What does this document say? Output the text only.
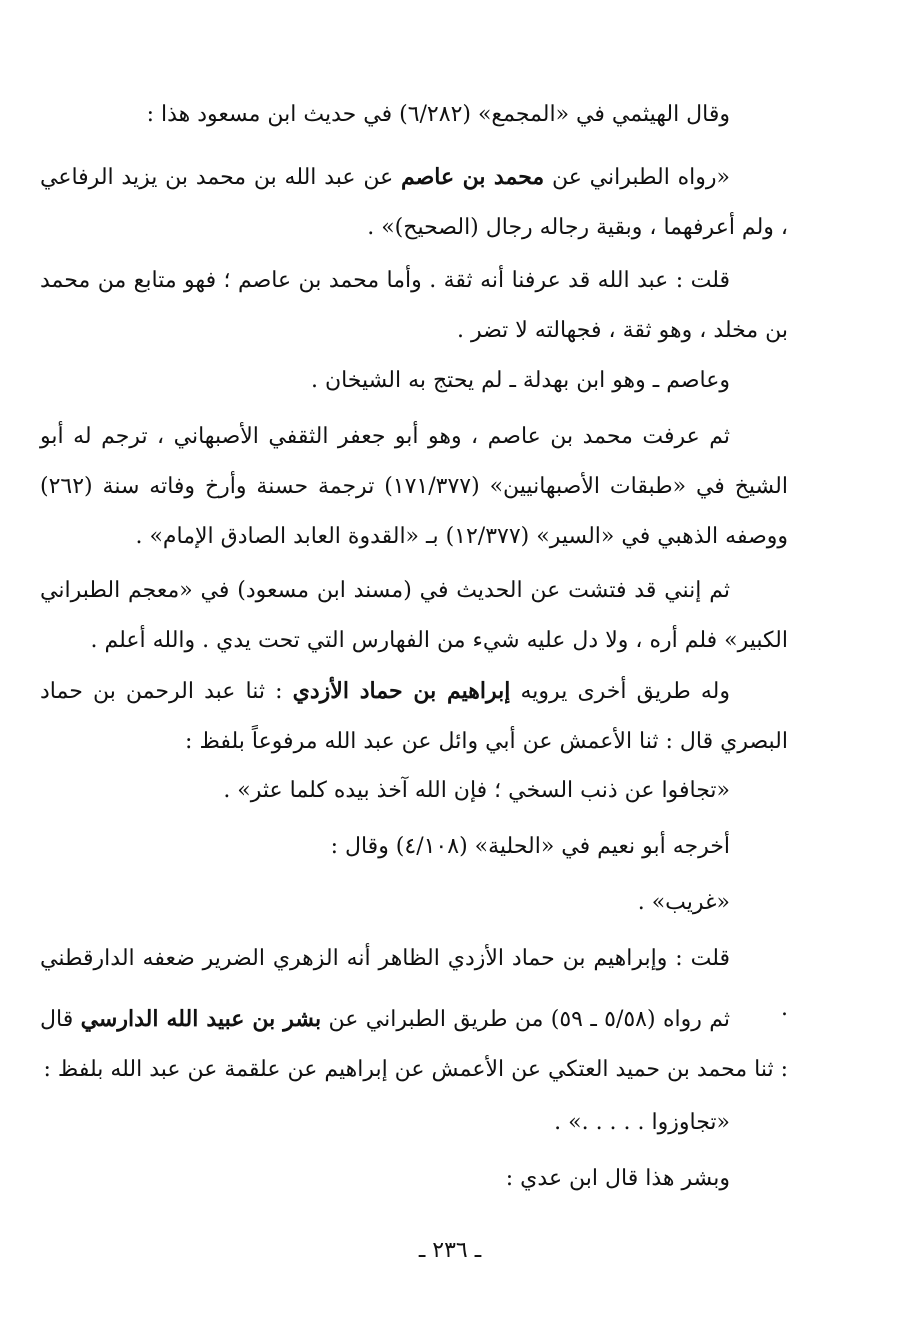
وقال الهيثمي في «المجمع» (٦/٢٨٢) في حديث ابن مسعود هذا :

«رواه الطبراني عن محمد بن عاصم عن عبد الله بن محمد بن يزيد الرفاعي ، ولم أعرفهما ، وبقية رجاله رجال (الصحيح)» .

قلت : عبد الله قد عرفنا أنه ثقة . وأما محمد بن عاصم ؛ فهو متابع من محمد بن مخلد ، وهو ثقة ، فجهالته لا تضر .

وعاصم ـ وهو ابن بهدلة ـ لم يحتج به الشيخان .

ثم عرفت محمد بن عاصم ، وهو أبو جعفر الثقفي الأصبهاني ، ترجم له أبو الشيخ في «طبقات الأصبهانيين» (١٧١/٣٧٧) ترجمة حسنة وأرخ وفاته سنة (٢٦٢) ووصفه الذهبي في «السير» (١٢/٣٧٧) بـ «القدوة العابد الصادق الإمام» .

ثم إنني قد فتشت عن الحديث في (مسند ابن مسعود) في «معجم الطبراني الكبير» فلم أره ، ولا دل عليه شيء من الفهارس التي تحت يدي . والله أعلم .

وله طريق أخرى يرويه إبراهيم بن حماد الأزدي : ثنا عبد الرحمن بن حماد البصري قال : ثنا الأعمش عن أبي وائل عن عبد الله مرفوعاً بلفظ :

«تجافوا عن ذنب السخي ؛ فإن الله آخذ بيده كلما عثر» .

أخرجه أبو نعيم في «الحلية» (٤/١٠٨) وقال :

«غريب» .

قلت : وإبراهيم بن حماد الأزدي الظاهر أنه الزهري الضرير ضعفه الدارقطني .

ثم رواه (٥/٥٨ ـ ٥٩) من طريق الطبراني عن بشر بن عبيد الله الدارسي قال : ثنا محمد بن حميد العتكي عن الأعمش عن إبراهيم عن علقمة عن عبد الله بلفظ :

«تجاوزوا . . . . .» .

وبشر هذا قال ابن عدي :

ـ ٢٣٦ ـ
